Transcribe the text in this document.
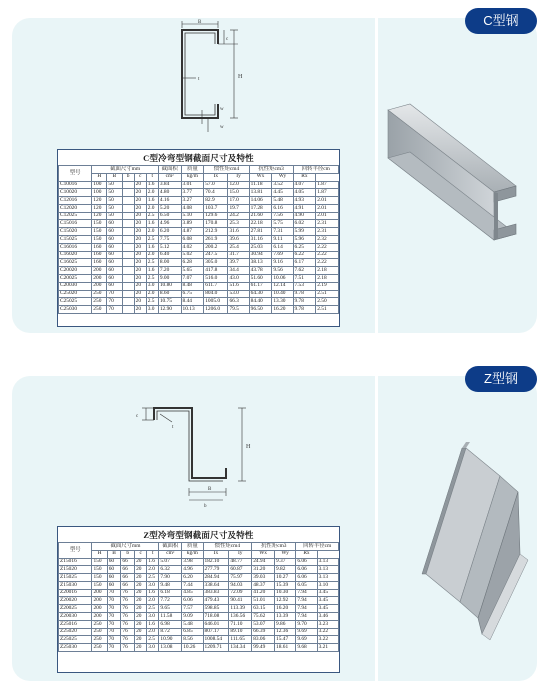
C型钢
B
c
t	H
w
w
C型冷弯型钢截面尺寸及特性
型号	截面尺寸mm					截面积	质量	惯性矩cm4		抗性矩cm3		回转半径cm	
	H	B	b	c	t	cm²	kg/m	Ix	Iy	Wx	Wy	Rx	
C10016	100	50		20	1.6	3.84	3.01	57.0	12.0	11.18	3.52	4.07	1.87
C10020	100	50		20	2.0	4.80	3.77	70.4	15.0	13.81	4.45	4.05	1.87
C12016	120	50		20	1.6	4.16	3.27	82.9	17.0	14.06	5.48	4.93	2.01
C12020	120	50		20	2.0	5.20	4.08	103.7	19.7	17.28	6.16	4.91	2.01
C12025	120	50		20	2.5	6.50	5.10	129.6	24.2	21.60	7.56	4.90	2.01
C15016	150	60		20	1.6	4.96	3.89	170.8	25.3	22.18	5.75	6.02	2.31
C15020	150	60		20	2.0	6.20	4.87	212.9	31.6	27.81	7.31	5.99	2.31
C15025	150	60		20	2.5	7.75	6.08	261.9	39.6	31.16	9.11	5.96	2.32
C16016	160	60		20	1.6	5.12	4.02	200.2	25.4	25.03	6.14	6.25	2.22
C16020	160	60		20	2.0	6.40	5.02	247.5	31.7	30.94	7.69	6.22	2.22
C16025	160	60		20	2.5	8.00	6.28	305.0	39.7	38.13	9.16	6.17	2.22
C20020	200	60		20	1.6	7.20	5.65	417.8	34.4	43.78	9.56	7.62	2.18
C20025	200	60		20	2.5	9.00	7.07	516.0	43.0	51.60	10.06	7.51	2.18
C20030	200	60		20	3.0	10.80	8.48	611.7	51.6	61.17	12.14	7.53	2.19
C25020	250	70		20	2.0	8.60	6.75	804.0	53.0	64.30	10.40	9.78	2.51
C25025	250	70		20	2.5	10.75	8.44	1005.0	66.3	84.40	13.30	9.78	2.50
C25030	250	70		20	3.0	12.90	10.13	1206.0	79.5	96.50	16.20	9.78	2.51
Z型钢
c
t
B
H
b
Z型冷弯型钢截面尺寸及特性
型号	截面尺寸mm					截面积	质量	惯性矩cm4		抗性矩cm3		回转半径cm	
	H	B	b	c	t	cm²	kg/m	Ix	Iy	Wx	Wy	Rx	
Z15016	150	60	66	20	1.6	5.07	3.98	182.10	48.77	24.94	9.37	6.06	3.13
Z15020	150	60	66	20	2.0	6.32	4.96	277.79	60.87	31.20	9.82	6.06	3.13
Z15025	150	60	66	20	2.5	7.90	6.20	284.94	75.97	39.03	10.27	6.06	3.13
Z15030	150	60	66	20	3.0	9.48	7.44	338.64	94.03	48.37	15.39	6.05	3.10
Z20016	200	70	76	20	1.6	6.18	4.85	383.83	72.09	41.20	10.30	7.94	3.45
Z20020	200	70	76	20	2.0	7.72	6.06	479.43	90.41	51.01	12.92	7.94	3.45
Z20025	200	70	76	20	2.5	9.65	7.57	598.85	113.39	63.15	16.20	7.94	3.45
Z20030	200	70	76	20	3.0	11.58	9.09	718.08	136.56	75.62	13.39	7.94	3.46
Z25016	250	70	76	20	1.6	6.98	5.48	646.01	71.10	53.07	9.86	9.70	3.23
Z25020	250	70	76	20	2.0	8.72	6.85	807.17	89.10	66.39	12.36	9.69	3.22
Z25025	250	70	76	20	2.5	10.90	8.56	1008.54	111.65	83.06	15.47	9.69	3.22
Z25030	250	70	76	20	3.0	13.08	10.26	1209.71	134.34	99.49	18.61	9.68	3.21
